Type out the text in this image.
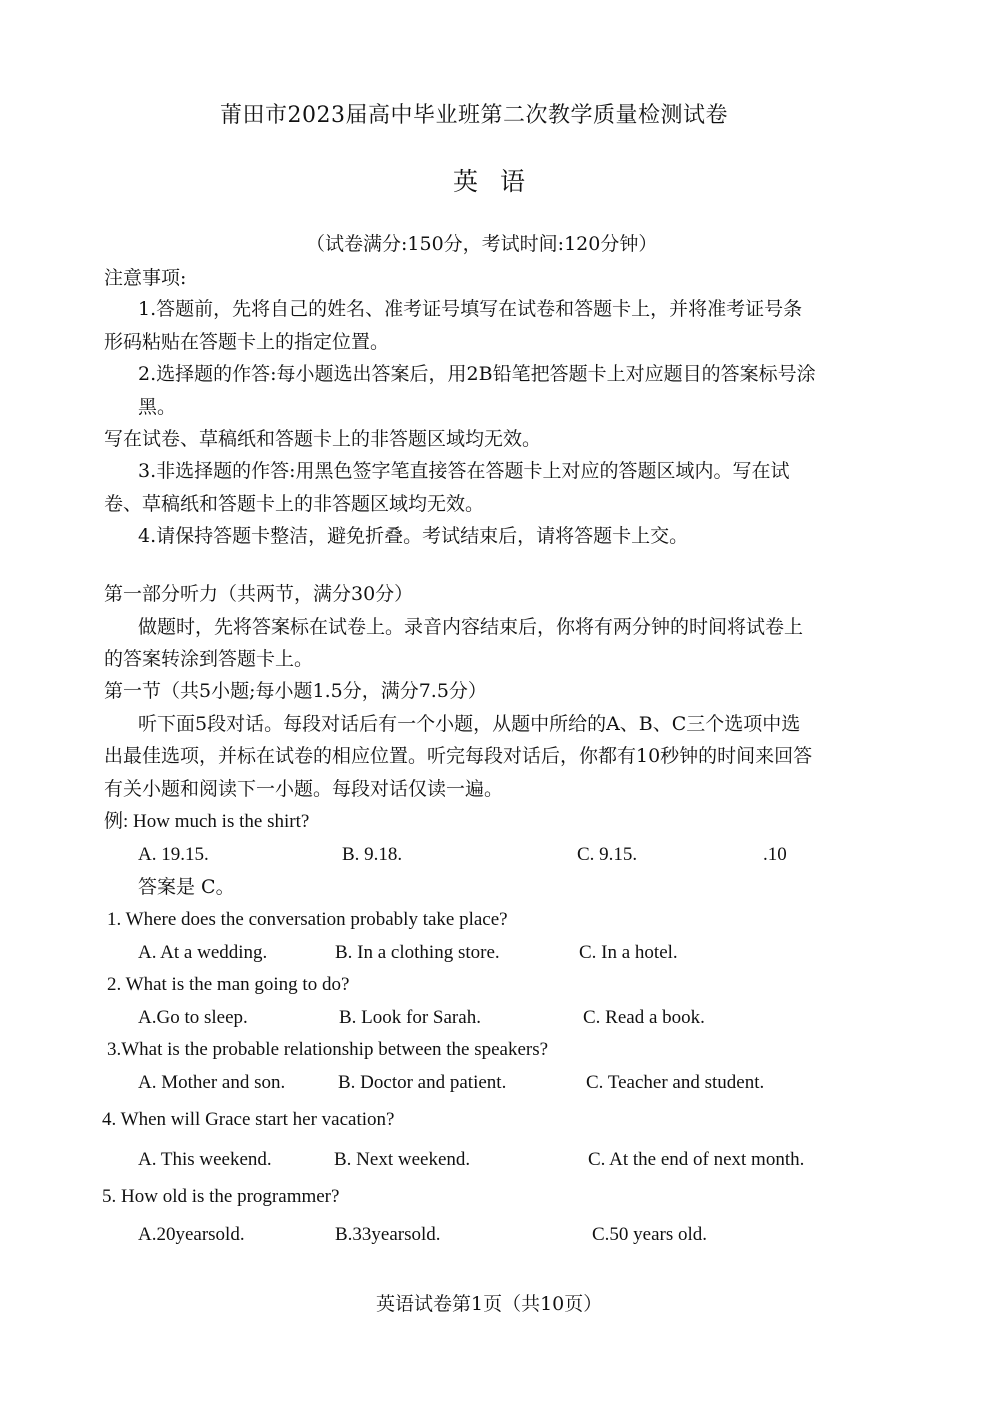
莆田市2023届高中毕业班第二次教学质量检测试卷
英语
（试卷满分:150分，考试时间:120分钟）
注意事项:
1.答题前，先将自己的姓名、准考证号填写在试卷和答题卡上，并将准考证号条
形码粘贴在答题卡上的指定位置。
2.选择题的作答:每小题选出答案后，用2B铅笔把答题卡上对应题目的答案标号涂
黑。
写在试卷、草稿纸和答题卡上的非答题区域均无效。
3.非选择题的作答:用黑色签字笔直接答在答题卡上对应的答题区域内。写在试
卷、草稿纸和答题卡上的非答题区域均无效。
4.请保持答题卡整洁，避免折叠。考试结束后，请将答题卡上交。
第一部分听力（共两节，满分30分）
做题时，先将答案标在试卷上。录音内容结束后，你将有两分钟的时间将试卷上
的答案转涂到答题卡上。
第一节（共5小题;每小题1.5分，满分7.5分）
听下面5段对话。每段对话后有一个小题，从题中所给的A、B、C三个选项中选
出最佳选项，并标在试卷的相应位置。听完每段对话后，你都有10秒钟的时间来回答
有关小题和阅读下一小题。每段对话仅读一遍。
例: How much is the shirt?
A. 19.15.	B. 9.18.	C. 9.15.	.10
答案是 C。
1. Where does the conversation probably take place?
A. At a wedding.	B. In a clothing store.	C. In a hotel.
2. What is the man going to do?
A.Go to sleep.	B. Look for Sarah.	C. Read a book.
3.What is the probable relationship between the speakers?
A. Mother and son.	B. Doctor and patient.	C. Teacher and student.
4. When will Grace start her vacation?
A. This weekend.	B. Next weekend.	C. At the end of next month.
5. How old is the programmer?
A.20yearsold.	B.33yearsold.	C.50 years old.
英语试卷第1页（共10页）
